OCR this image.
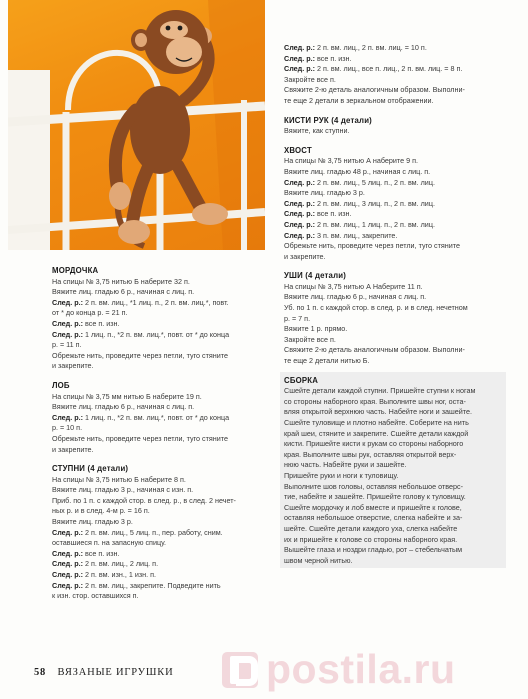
МОРДОЧКА
На спицы № 3,75 нитью Б наберите 32 п.
Вяжите лиц. гладью 6 р., начиная с лиц. п.
След. р.: 2 п. вм. лиц., *1 лиц. п., 2 п. вм. лиц.*, повт.
от * до конца р. = 21 п.
След. р.: все п. изн.
След. р.: 1 лиц. п., *2 п. вм. лиц.*, повт. от * до конца
р. = 11 п.
Обрежьте нить, проведите через петли, туго стяните
и закрепите.
ЛОБ
На спицы № 3,75 мм нитью Б наберите 19 п.
Вяжите лиц. гладью 6 р., начиная с лиц. п.
След. р.: 1 лиц. п., *2 п. вм. лиц.*, повт. от * до конца
р. = 10 п.
Обрежьте нить, проведите через петли, туго стяните
и закрепите.
СТУПНИ (4 детали)
На спицы № 3,75 нитью Б наберите 8 п.
Вяжите лиц. гладью 3 р., начиная с изн. п.
Приб. по 1 п. с каждой стор. в след. р., в след. 2 нечет-
ных р. и в след. 4-м р. = 16 п.
Вяжите лиц. гладью 3 р.
След. р.: 2 п. вм. лиц., 5 лиц. п., пер. работу, сним.
оставшиеся п. на запасную спицу.
След. р.: все п. изн.
След. р.: 2 п. вм. лиц., 2 лиц. п.
След. р.: 2 п. вм. изн., 1 изн. п.
След. р.: 2 п. вм. лиц., закрепите. Подведите нить
к изн. стор. оставшихся п.
След. р.: 2 п. вм. лиц., 2 п. вм. лиц. = 10 п.
След. р.: все п. изн.
След. р.: 2 п. вм. лиц., все п. лиц., 2 п. вм. лиц. = 8 п.
Закройте все п.
Свяжите 2-ю деталь аналогичным образом. Выполни-
те еще 2 детали в зеркальном отображении.
КИСТИ РУК (4 детали)
Вяжите, как ступни.
ХВОСТ
На спицы № 3,75 нитью А наберите 9 п.
Вяжите лиц. гладью 48 р., начиная с лиц. п.
След. р.: 2 п. вм. лиц., 5 лиц. п., 2 п. вм. лиц.
Вяжите лиц. гладью 3 р.
След. р.: 2 п. вм. лиц., 3 лиц. п., 2 п. вм. лиц.
След. р.: все п. изн.
След. р.: 2 п. вм. лиц., 1 лиц. п., 2 п. вм. лиц.
След. р.: 3 п. вм. лиц., закрепите.
Обрежьте нить, проведите через петли, туго стяните
и закрепите.
УШИ (4 детали)
На спицы № 3,75 нитью А Наберите 11 п.
Вяжите лиц. гладью 6 р., начиная с лиц. п.
Уб. по 1 п. с каждой стор. в след. р. и в след. нечетном
р. = 7 п.
Вяжите 1 р. прямо.
Закройте все п.
Свяжите 2-ю деталь аналогичным образом. Выполни-
те еще 2 детали нитью Б.
СБОРКА
Сшейте детали каждой ступни. Пришейте ступни к ногам
со стороны наборного края. Выполните швы ног, оста-
вляя открытой верхнюю часть. Набейте ноги и зашейте.
Сшейте туловище и плотно набейте. Соберите на нить
край шеи, стяните и закрепите. Сшейте детали каждой
кисти. Пришейте кисти к рукам со стороны наборного
края. Выполните швы рук, оставляя открытой верх-
нюю часть. Набейте руки и зашейте.
Пришейте руки и ноги к туловищу.
Выполните шов головы, оставляя небольшое отверс-
тие, набейте и зашейте. Пришейте голову к туловищу.
Сшейте мордочку и лоб вместе и пришейте к голове,
оставляя небольшое отверстие, слегка набейте и за-
шейте. Сшейте детали каждого уха, слегка набейте
их и пришейте к голове со стороны наборного края.
Вышейте глаза и ноздри гладью, рот – стебельчатым
швом черной нитью.
58 ВЯЗАНЫЕ ИГРУШКИ postila.ru
